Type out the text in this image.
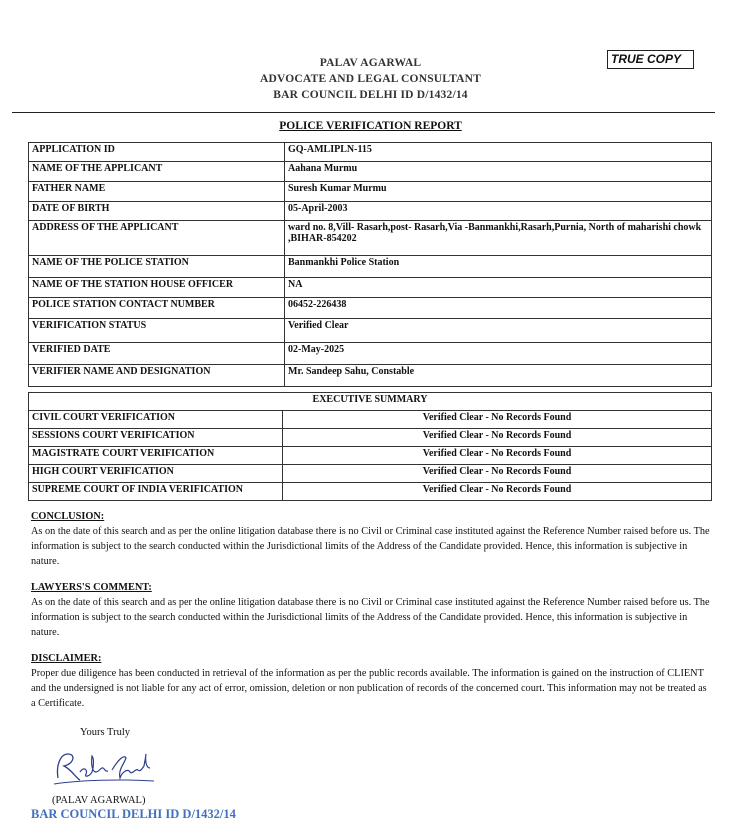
PALAV AGARWAL
ADVOCATE AND LEGAL CONSULTANT
BAR COUNCIL DELHI ID D/1432/14
TRUE COPY
POLICE VERIFICATION REPORT
APPLICATION ID	GQ-AMLIPLN-115
NAME OF THE APPLICANT	Aahana Murmu
FATHER NAME	Suresh Kumar Murmu
DATE OF BIRTH	05-April-2003
ADDRESS OF THE APPLICANT	ward no. 8,Vill- Rasarh,post- Rasarh,Via -Banmankhi,Rasarh,Purnia, North of maharishi chowk ,BIHAR-854202
NAME OF THE POLICE STATION	Banmankhi Police Station
NAME OF THE STATION HOUSE OFFICER	NA
POLICE STATION CONTACT NUMBER	06452-226438
VERIFICATION STATUS	Verified Clear
VERIFIED DATE	02-May-2025
VERIFIER NAME AND DESIGNATION	Mr. Sandeep Sahu, Constable
EXECUTIVE SUMMARY	
CIVIL COURT VERIFICATION	Verified Clear - No Records Found
SESSIONS COURT VERIFICATION	Verified Clear - No Records Found
MAGISTRATE COURT VERIFICATION	Verified Clear - No Records Found
HIGH COURT VERIFICATION	Verified Clear - No Records Found
SUPREME COURT OF INDIA VERIFICATION	Verified Clear - No Records Found
CONCLUSION:
As on the date of this search and as per the online litigation database there is no Civil or Criminal case instituted against the Reference Number raised before us. The information is subject to the search conducted within the Jurisdictional limits of the Address of the Candidate provided. Hence, this information is subjective in nature.
LAWYERS'S COMMENT:
As on the date of this search and as per the online litigation database there is no Civil or Criminal case instituted against the Reference Number raised before us. The information is subject to the search conducted within the Jurisdictional limits of the Address of the Candidate provided. Hence, this information is subjective in nature.
DISCLAIMER:
Proper due diligence has been conducted in retrieval of the information as per the public records available. The information is gained on the instruction of CLIENT and the undersigned is not liable for any act of error, omission, deletion or non publication of records of the concerned court. This information may not be treated as a Certificate.
Yours Truly
(PALAV AGARWAL)
BAR COUNCIL DELHI ID D/1432/14
